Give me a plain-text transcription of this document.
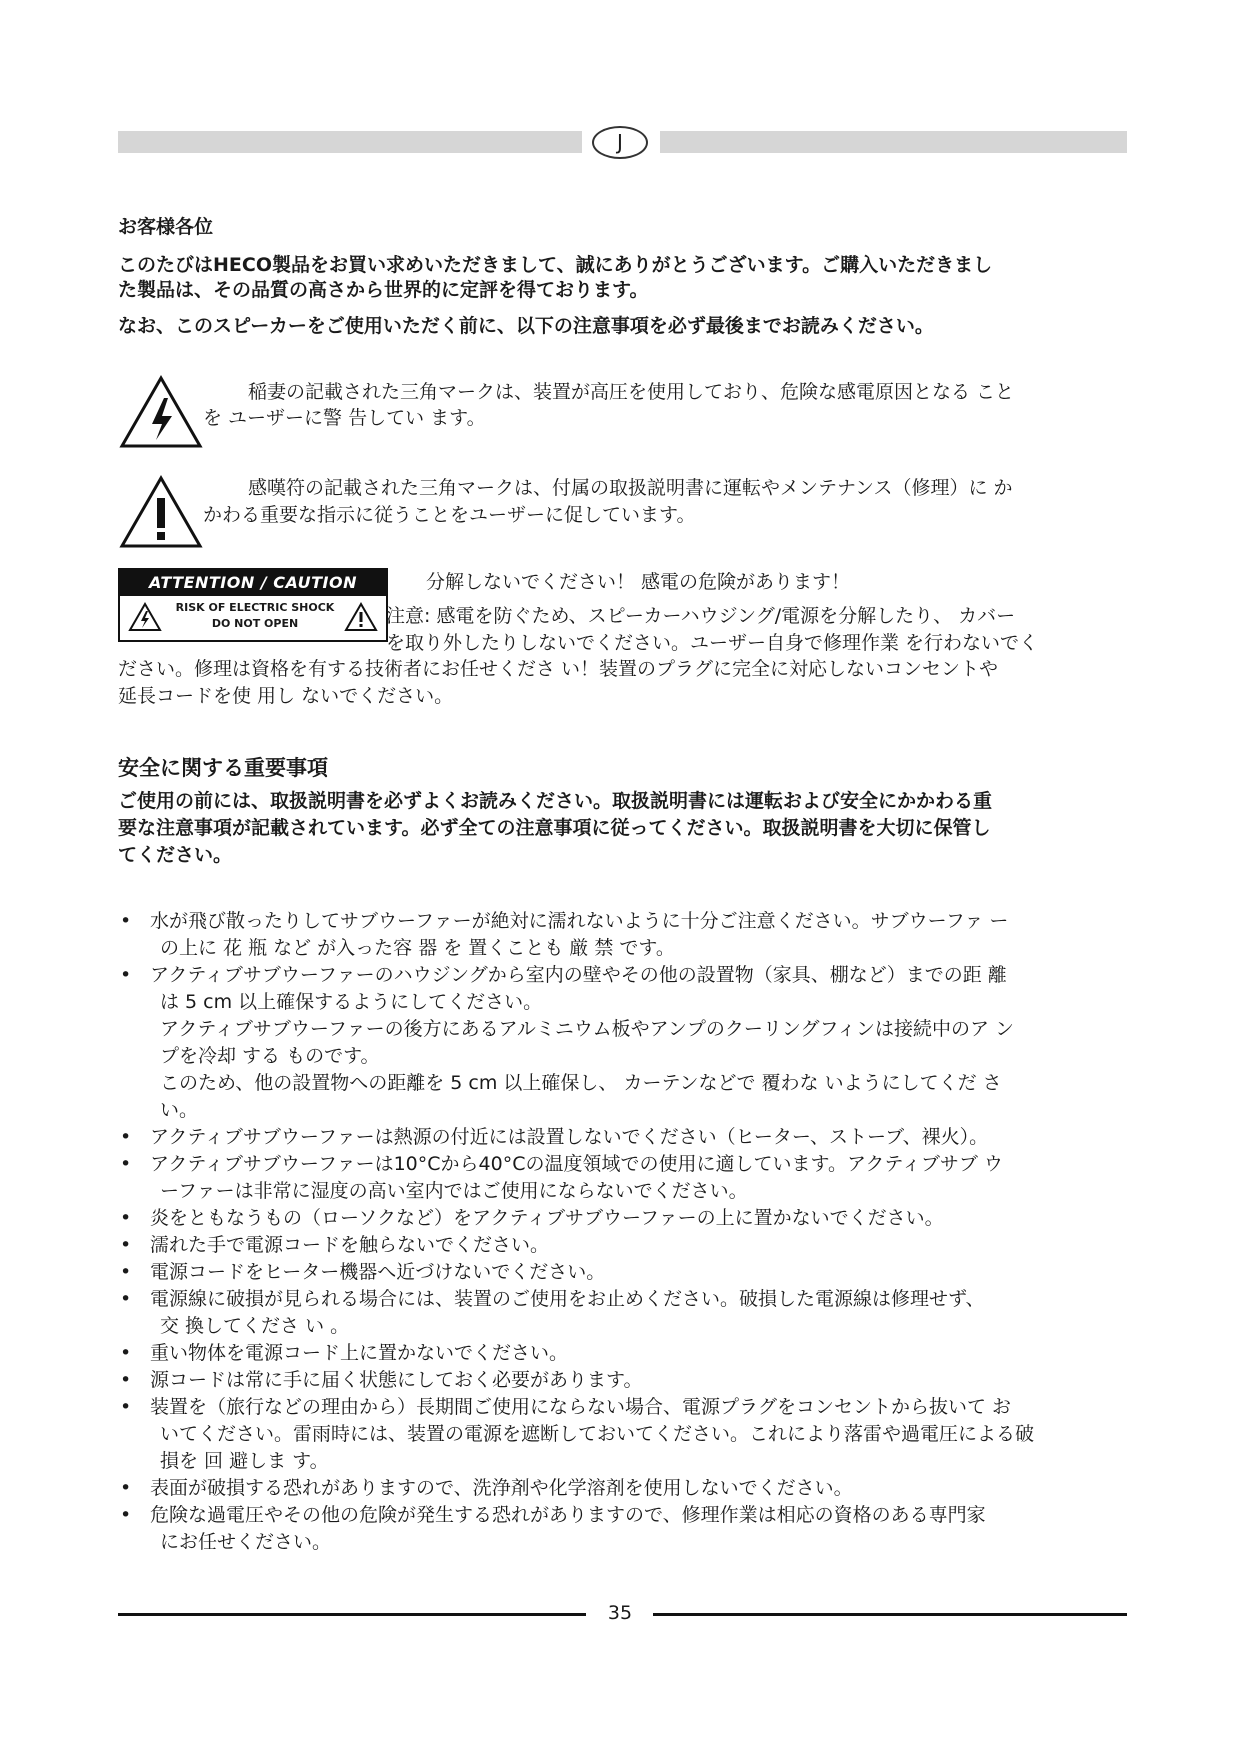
J
お客様各位
このたびはHECO製品をお買い求めいただきまして、誠にありがとうございます。ご購入いただきまし
た製品は、その品質の高さから世界的に定評を得ております。
なお、このスピーカーをご使用いただく前に、以下の注意事項を必ず最後までお読みください。
稲妻の記載された三角マークは、装置が高圧を使用しており、危険な感電原因となる こと
を ユーザーに警 告してい ます。
感嘆符の記載された三角マークは、付属の取扱説明書に運転やメンテナンス（修理）に か
かわる重要な指示に従うことをユーザーに促しています。
ATTENTION / CAUTION
RISK OF ELECTRIC SHOCK
DO NOT OPEN
分解しないでください！ 感電の危険があります！
注意: 感電を防ぐため、スピーカーハウジング/電源を分解したり、 カバー
を取り外したりしないでください。ユーザー自身で修理作業 を行わないでく
ださい。修理は資格を有する技術者にお任せくださ い！装置のプラグに完全に対応しないコンセントや
延長コードを使 用し ないでください。
安全に関する重要事項
ご使用の前には、取扱説明書を必ずよくお読みください。取扱説明書には運転および安全にかかわる重
要な注意事項が記載されています。必ず全ての注意事項に従ってください。取扱説明書を大切に保管し
てください。
• 水が飛び散ったりしてサブウーファーが絶対に濡れないように十分ご注意ください。サブウーファ ー
の上に 花 瓶 など が入った容 器 を 置くことも 厳 禁 です。
• アクティブサブウーファーのハウジングから室内の壁やその他の設置物（家具、棚など）までの距 離
は 5 cm 以上確保するようにしてください。
アクティブサブウーファーの後方にあるアルミニウム板やアンプのクーリングフィンは接続中のア ン
プを冷却 する ものです。
このため、他の設置物への距離を 5 cm 以上確保し、 カーテンなどで 覆わな いようにしてくだ さ
い。
• アクティブサブウーファーは熱源の付近には設置しないでください（ヒーター、ストーブ、裸火）。
• アクティブサブウーファーは10°Cから40°Cの温度領域での使用に適しています。アクティブサブ ウ
ーファーは非常に湿度の高い室内ではご使用にならないでください。
• 炎をともなうもの（ローソクなど）をアクティブサブウーファーの上に置かないでください。
• 濡れた手で電源コードを触らないでください。
• 電源コードをヒーター機器へ近づけないでください。
• 電源線に破損が見られる場合には、装置のご使用をお止めください。破損した電源線は修理せず、
交 換してくださ い 。
• 重い物体を電源コード上に置かないでください。
• 源コードは常に手に届く状態にしておく必要があります。
• 装置を（旅行などの理由から）長期間ご使用にならない場合、電源プラグをコンセントから抜いて お
いてください。雷雨時には、装置の電源を遮断しておいてください。これにより落雷や過電圧による破
損を 回 避しま す。
• 表面が破損する恐れがありますので、洗浄剤や化学溶剤を使用しないでください。
• 危険な過電圧やその他の危険が発生する恐れがありますので、修理作業は相応の資格のある専門家
にお任せください。
35
